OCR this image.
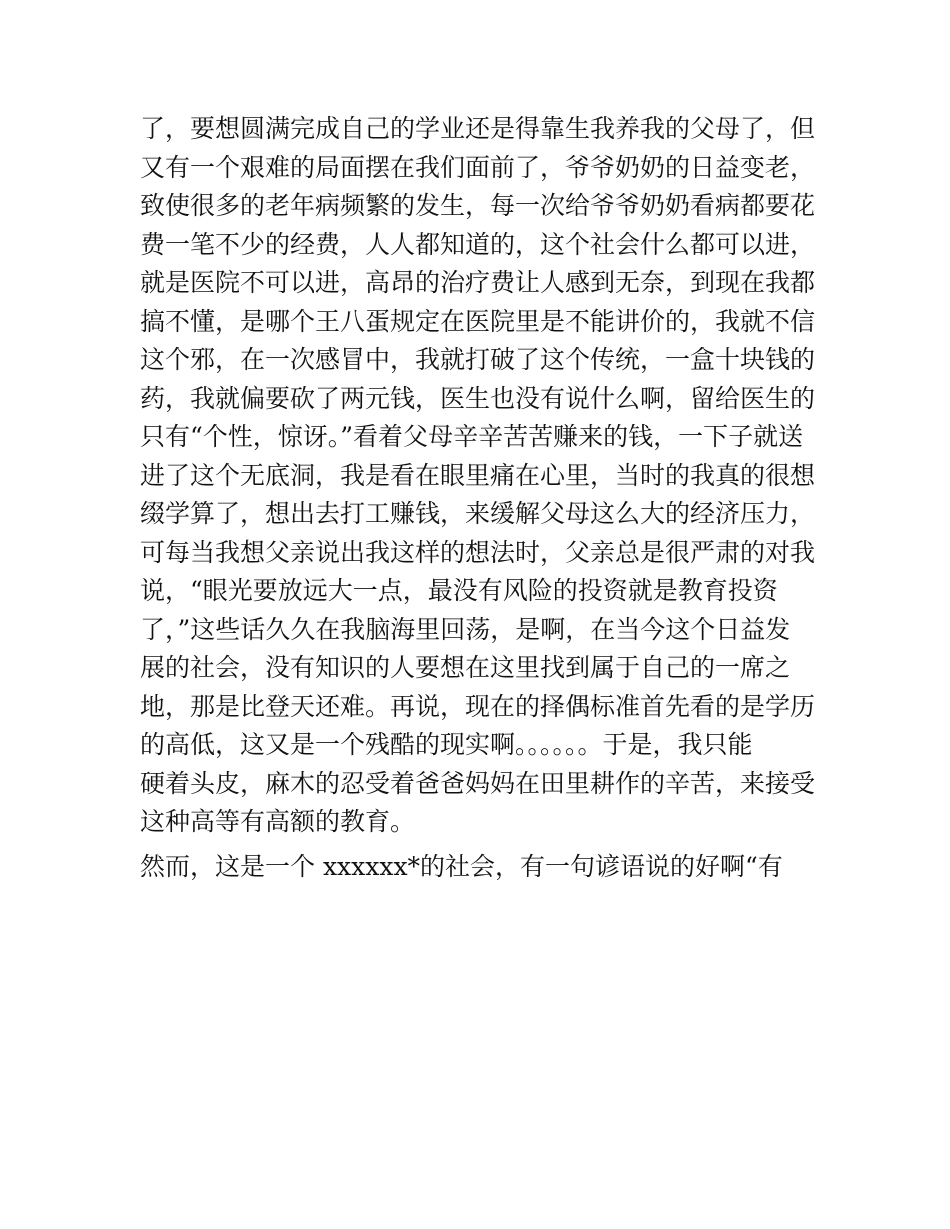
了，要想圆满完成自己的学业还是得靠生我养我的父母了，但
又有一个艰难的局面摆在我们面前了，爷爷奶奶的日益变老，
致使很多的老年病频繁的发生，每一次给爷爷奶奶看病都要花
费一笔不少的经费，人人都知道的，这个社会什么都可以进，
就是医院不可以进，高昂的治疗费让人感到无奈，到现在我都
搞不懂，是哪个王八蛋规定在医院里是不能讲价的，我就不信
这个邪，在一次感冒中，我就打破了这个传统，一盒十块钱的
药，我就偏要砍了两元钱，医生也没有说什么啊，留给医生的
只有“个性，惊讶。”看着父母辛辛苦苦赚来的钱，一下子就送
进了这个无底洞，我是看在眼里痛在心里，当时的我真的很想
缀学算了，想出去打工赚钱，来缓解父母这么大的经济压力，
可每当我想父亲说出我这样的想法时，父亲总是很严肃的对我
说，“眼光要放远大一点，最没有风险的投资就是教育投资
了，”这些话久久在我脑海里回荡，是啊，在当今这个日益发
展的社会，没有知识的人要想在这里找到属于自己的一席之
地，那是比登天还难。再说，现在的择偶标准首先看的是学历
的高低，这又是一个残酷的现实啊。。。。。。于是，我只能
硬着头皮，麻木的忍受着爸爸妈妈在田里耕作的辛苦，来接受
这种高等有高额的教育。
然而，这是一个 xxxxxx*的社会，有一句谚语说的好啊“有
